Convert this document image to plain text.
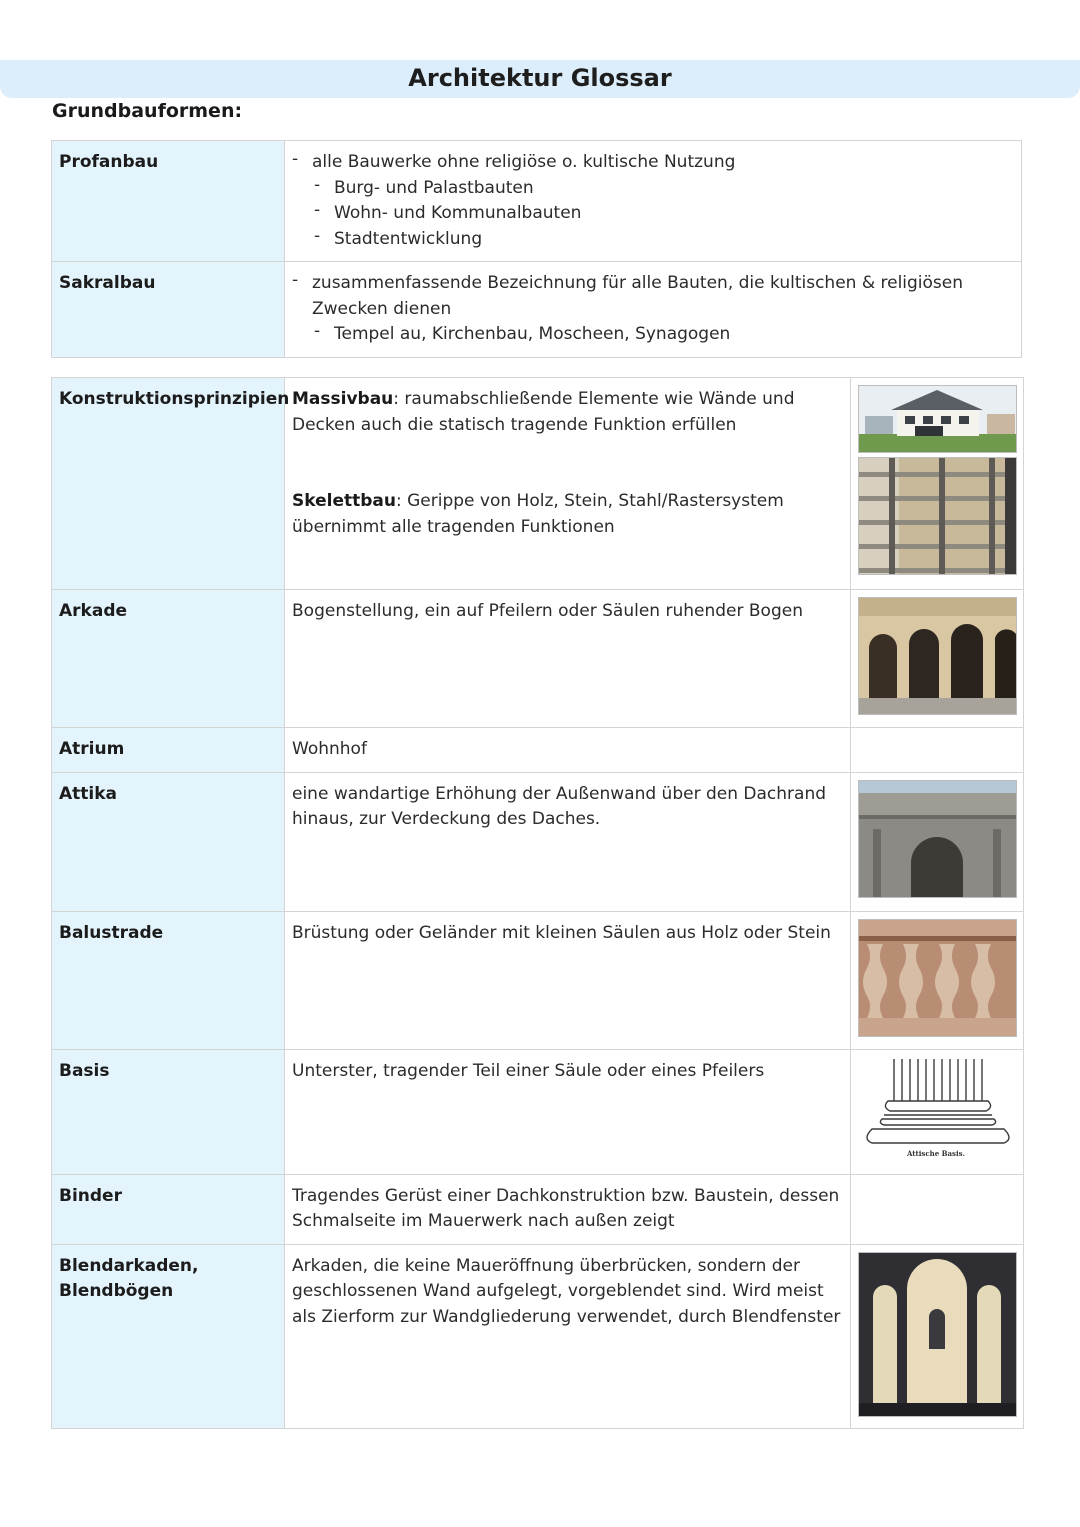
Architektur Glossar
Grundbauformen:
Profanbau	- alle Bauwerke ohne religiöse o. kultische Nutzung

- Burg- und Palastbauten

- Wohn- und Kommunalbauten

- Stadtentwicklung

Sakralbau	- zusammenfassende Bezeichnung für alle Bauten, die kultischen & religiösen Zwecken dienen

- Tempel au, Kirchenbau, Moscheen, Synagogen

Konstruktionsprinzipien	Massivbau: raumabschließende Elemente wie Wände und Decken auch die statisch tragende Funktion erfüllen

Skelettbau: Gerippe von Holz, Stein, Stahl/Rastersystem übernimmt alle tragenden Funktionen

Arkade	Bogenstellung, ein auf Pfeilern oder Säulen ruhender Bogen	

Atrium	Wohnhof	
Attika	eine wandartige Erhöhung der Außenwand über den Dachrand hinaus, zur Verdeckung des Daches.	

Balustrade	Brüstung oder Geländer mit kleinen Säulen aus Holz oder Stein	

Basis	Unterster, tragender Teil einer Säule oder eines Pfeilers	Attische Basis.

Binder	Tragendes Gerüst einer Dachkonstruktion bzw. Baustein, dessen Schmalseite im Mauerwerk nach außen zeigt	
Blendarkaden,
Blendbögen	Arkaden, die keine Maueröffnung überbrücken, sondern der geschlossenen Wand aufgelegt, vorgeblendet sind. Wird meist als Zierform zur Wandgliederung verwendet, durch Blendfenster	
